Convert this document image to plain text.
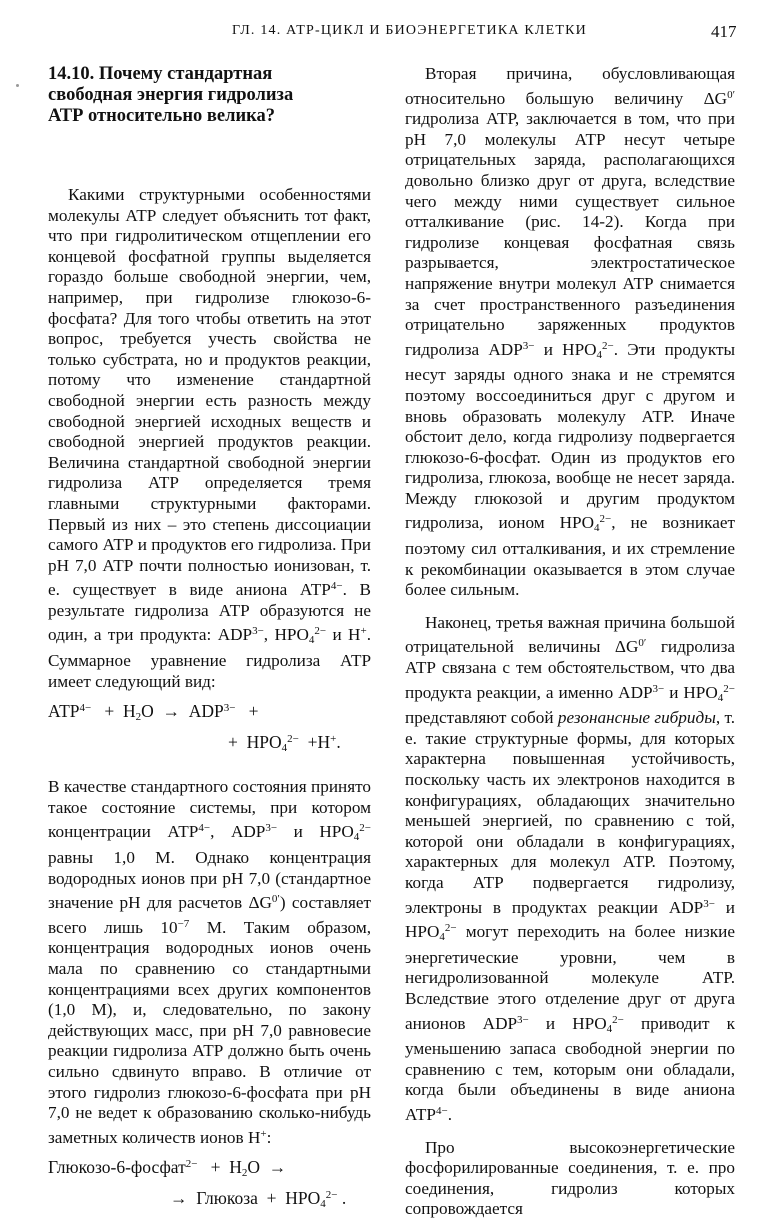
ГЛ. 14. АТР-ЦИКЛ И БИОЭНЕРГЕТИКА КЛЕТКИ	417
14.10. Почему стандартная
свободная энергия гидролиза
АТР относительно велика?

Какими структурными особенностями молекулы АТР следует объяснить тот факт, что при гидролитическом отщеплении его концевой фосфатной группы выделяется гораздо больше свободной энергии, чем, например, при гидролизе глюкозо-6-фосфата? Для того чтобы ответить на этот вопрос, требуется учесть свойства не только субстрата, но и продуктов реакции, потому что изменение стандартной свободной энергии есть разность между свободной энергией исходных веществ и свободной энергией продуктов реакции. Величина стандартной свободной энергии гидролиза АТР определяется тремя главными структурными факторами. Первый из них – это степень диссоциации самого АТР и продуктов его гидролиза. При рН 7,0 АТР почти полностью ионизован, т. е. существует в виде аниона $АТР^{4-}$. В результате гидролиза АТР образуются не один, а три продукта: $ADP^{3-}$, $HPO_4^{2-}$ и H+. Суммарное уравнение гидролиза АТР имеет следующий вид:

$АТР^{4-} + H_2O \to ADP^{3-}$ +
+ $HPO_4^{2-} +H^+$.

В качестве стандартного состояния принято такое состояние системы, при котором концентрации $АТР^{4-}$, $ADP^{3-}$ и $HPO_4^{2-}$ равны 1,0 М. Однако концентрация водородных ионов при рН 7,0 (стандартное значение рН для расчетов $\Delta G^{0'}$) составляет всего лишь $10^{-7}$ М. Таким образом, концентрация водородных ионов очень мала по сравнению со стандартными концентрациями всех других компонентов (1,0 М), и, следовательно, по закону действующих масс, при рН 7,0 равновесие реакции гидролиза АТР должно быть очень сильно сдвинуто вправо. В отличие от этого гидролиз глюкозо-6-фосфата при рН 7,0 не ведет к образованию сколько-нибудь заметных количеств ионов H+:

Глюкозо-6-фосфат$^{2-}$ + $H_2O$ →
→ Глюкоза + $HPO_4^{2-}$ .

Вторая причина, обусловливающая относительно большую величину $\Delta G^{0'}$ гидролиза АТР, заключается в том, что при рН 7,0 молекулы АТР несут четыре отрицательных заряда, располагающихся довольно близко друг от друга, вследствие чего между ними существует сильное отталкивание (рис. 14-2). Когда при гидролизе концевая фосфатная связь разрывается, электростатическое напряжение внутри молекул АТР снимается за счет пространственного разъединения отрицательно заряженных продуктов гидролиза $ADP^{3-}$ и $HPO_4^{2-}$. Эти продукты несут заряды одного знака и не стремятся поэтому воссоединиться друг с другом и вновь образовать молекулу АТР. Иначе обстоит дело, когда гидролизу подвергается глюкозо-6-фосфат. Один из продуктов его гидролиза, глюкоза, вообще не несет заряда. Между глюкозой и другим продуктом гидролиза, ионом $HPO_4^{2-}$, не возникает поэтому сил отталкивания, и их стремление к рекомбинации оказывается в этом случае более сильным.

Наконец, третья важная причина большой отрицательной величины $\Delta G^{0'}$ гидролиза АТР связана с тем обстоятельством, что два продукта реакции, а именно $ADP^{3-}$ и $HPO_4^{2-}$ представляют собой резонансные гибриды, т. е. такие структурные формы, для которых характерна повышенная устойчивость, поскольку часть их электронов находится в конфигурациях, обладающих значительно меньшей энергией, по сравнению с той, которой они обладали в конфигурациях, характерных для молекул АТР. Поэтому, когда АТР подвергается гидролизу, электроны в продуктах реакции $ADP^{3-}$ и $HPO_4^{2-}$ могут переходить на более низкие энергетические уровни, чем в негидролизованной молекуле АТР. Вследствие этого отделение друг от друга анионов $ADP^{3-}$ и $HPO_4^{2-}$ приводит к уменьшению запаса свободной энергии по сравнению с тем, которым они обладали, когда были объединены в виде аниона $АТР^{4-}$.

Про высокоэнергетические фосфорилированные соединения, т. е. про соединения, гидролиз которых сопровождается
